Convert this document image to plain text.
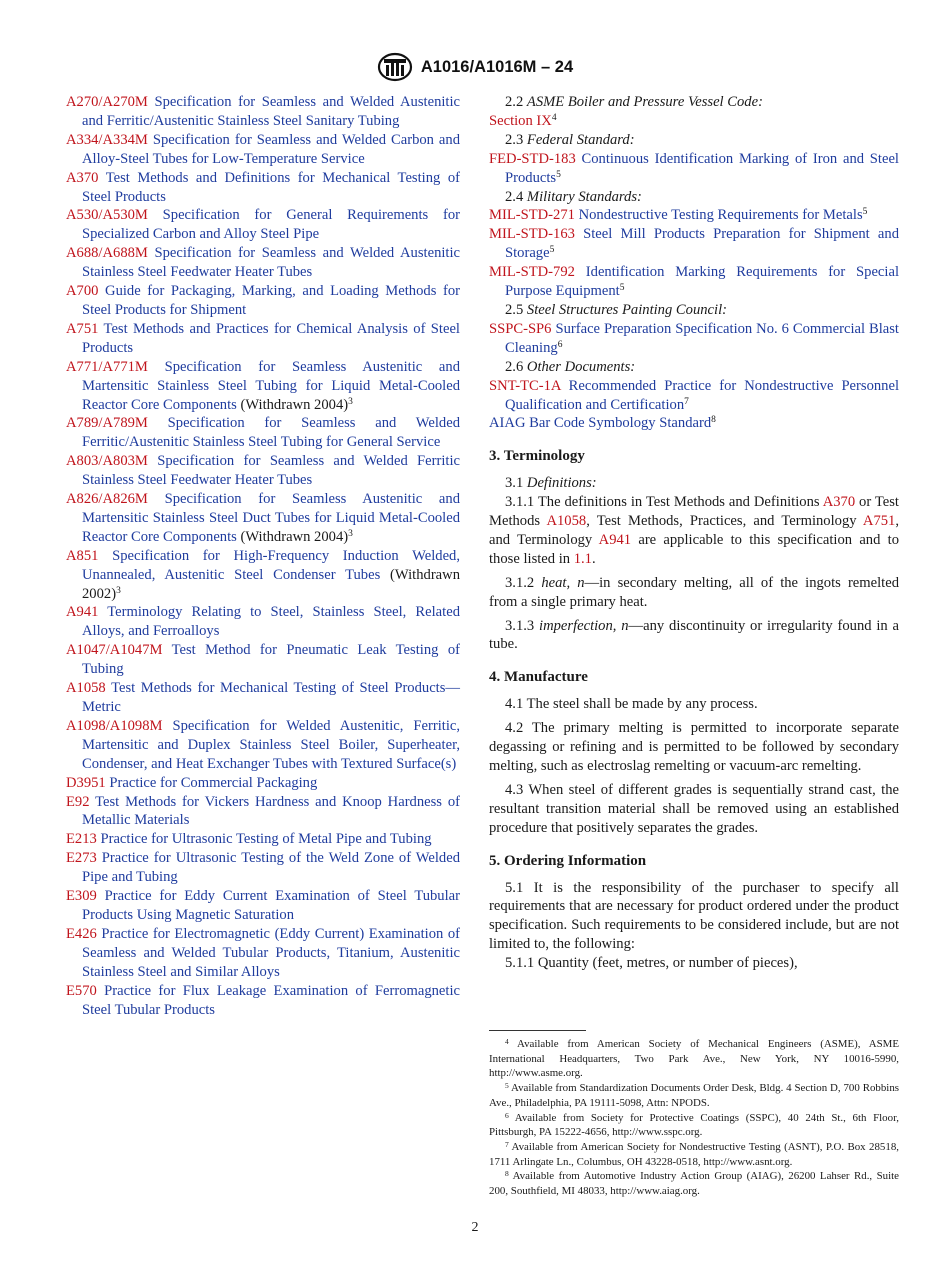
A1016/A1016M – 24
A270/A270M Specification for Seamless and Welded Austenitic and Ferritic/Austenitic Stainless Steel Sanitary Tubing
A334/A334M Specification for Seamless and Welded Carbon and Alloy-Steel Tubes for Low-Temperature Service
A370 Test Methods and Definitions for Mechanical Testing of Steel Products
A530/A530M Specification for General Requirements for Specialized Carbon and Alloy Steel Pipe
A688/A688M Specification for Seamless and Welded Austenitic Stainless Steel Feedwater Heater Tubes
A700 Guide for Packaging, Marking, and Loading Methods for Steel Products for Shipment
A751 Test Methods and Practices for Chemical Analysis of Steel Products
A771/A771M Specification for Seamless Austenitic and Martensitic Stainless Steel Tubing for Liquid Metal-Cooled Reactor Core Components (Withdrawn 2004)$^3$
A789/A789M Specification for Seamless and Welded Ferritic/Austenitic Stainless Steel Tubing for General Service
A803/A803M Specification for Seamless and Welded Ferritic Stainless Steel Feedwater Heater Tubes
A826/A826M Specification for Seamless Austenitic and Martensitic Stainless Steel Duct Tubes for Liquid Metal-Cooled Reactor Core Components (Withdrawn 2004)$^3$
A851 Specification for High-Frequency Induction Welded, Unannealed, Austenitic Steel Condenser Tubes (Withdrawn 2002)$^3$
A941 Terminology Relating to Steel, Stainless Steel, Related Alloys, and Ferroalloys
A1047/A1047M Test Method for Pneumatic Leak Testing of Tubing
A1058 Test Methods for Mechanical Testing of Steel Products—Metric
A1098/A1098M Specification for Welded Austenitic, Ferritic, Martensitic and Duplex Stainless Steel Boiler, Superheater, Condenser, and Heat Exchanger Tubes with Textured Surface(s)
D3951 Practice for Commercial Packaging
E92 Test Methods for Vickers Hardness and Knoop Hardness of Metallic Materials
E213 Practice for Ultrasonic Testing of Metal Pipe and Tubing
E273 Practice for Ultrasonic Testing of the Weld Zone of Welded Pipe and Tubing
E309 Practice for Eddy Current Examination of Steel Tubular Products Using Magnetic Saturation
E426 Practice for Electromagnetic (Eddy Current) Examination of Seamless and Welded Tubular Products, Titanium, Austenitic Stainless Steel and Similar Alloys
E570 Practice for Flux Leakage Examination of Ferromagnetic Steel Tubular Products
2.2 ASME Boiler and Pressure Vessel Code:
Section $IX^4$
2.3 Federal Standard:
FED-STD-183 Continuous Identification Marking of Iron and Steel Products$^5$
2.4 Military Standards:
MIL-STD-271 Nondestructive Testing Requirements for Metals$^5$
MIL-STD-163 Steel Mill Products Preparation for Shipment and Storage$^5$
MIL-STD-792 Identification Marking Requirements for Special Purpose Equipment$^5$
2.5 Steel Structures Painting Council:
SSPC-SP6 Surface Preparation Specification No. 6 Commercial Blast Cleaning$^6$
2.6 Other Documents:
SNT-TC-1A Recommended Practice for Nondestructive Personnel Qualification and Certification$^7$
AIAG Bar Code Symbology Standard$^8$
3. Terminology
3.1 Definitions:
3.1.1 The definitions in Test Methods and Definitions A370 or Test Methods A1058, Test Methods, Practices, and Terminology A751, and Terminology A941 are applicable to this specification and to those listed in 1.1.
3.1.2 heat, n—in secondary melting, all of the ingots remelted from a single primary heat.
3.1.3 imperfection, n—any discontinuity or irregularity found in a tube.
4. Manufacture
4.1 The steel shall be made by any process.
4.2 The primary melting is permitted to incorporate separate degassing or refining and is permitted to be followed by secondary melting, such as electroslag remelting or vacuum-arc remelting.
4.3 When steel of different grades is sequentially strand cast, the resultant transition material shall be removed using an established procedure that positively separates the grades.
5. Ordering Information
5.1 It is the responsibility of the purchaser to specify all requirements that are necessary for product ordered under the product specification. Such requirements to be considered include, but are not limited to, the following:
5.1.1 Quantity (feet, metres, or number of pieces),
$^4$ Available from American Society of Mechanical Engineers (ASME), ASME International Headquarters, Two Park Ave., New York, NY 10016-5990, http://www.asme.org.
$^5$ Available from Standardization Documents Order Desk, Bldg. 4 Section D, 700 Robbins Ave., Philadelphia, PA 19111-5098, Attn: NPODS.
$^6$ Available from Society for Protective Coatings (SSPC), 40 24th St., 6th Floor, Pittsburgh, PA 15222-4656, http://www.sspc.org.
$^7$ Available from American Society for Nondestructive Testing (ASNT), P.O. Box 28518, 1711 Arlingate Ln., Columbus, OH 43228-0518, http://www.asnt.org.
$^8$ Available from Automotive Industry Action Group (AIAG), 26200 Lahser Rd., Suite 200, Southfield, MI 48033, http://www.aiag.org.
2
